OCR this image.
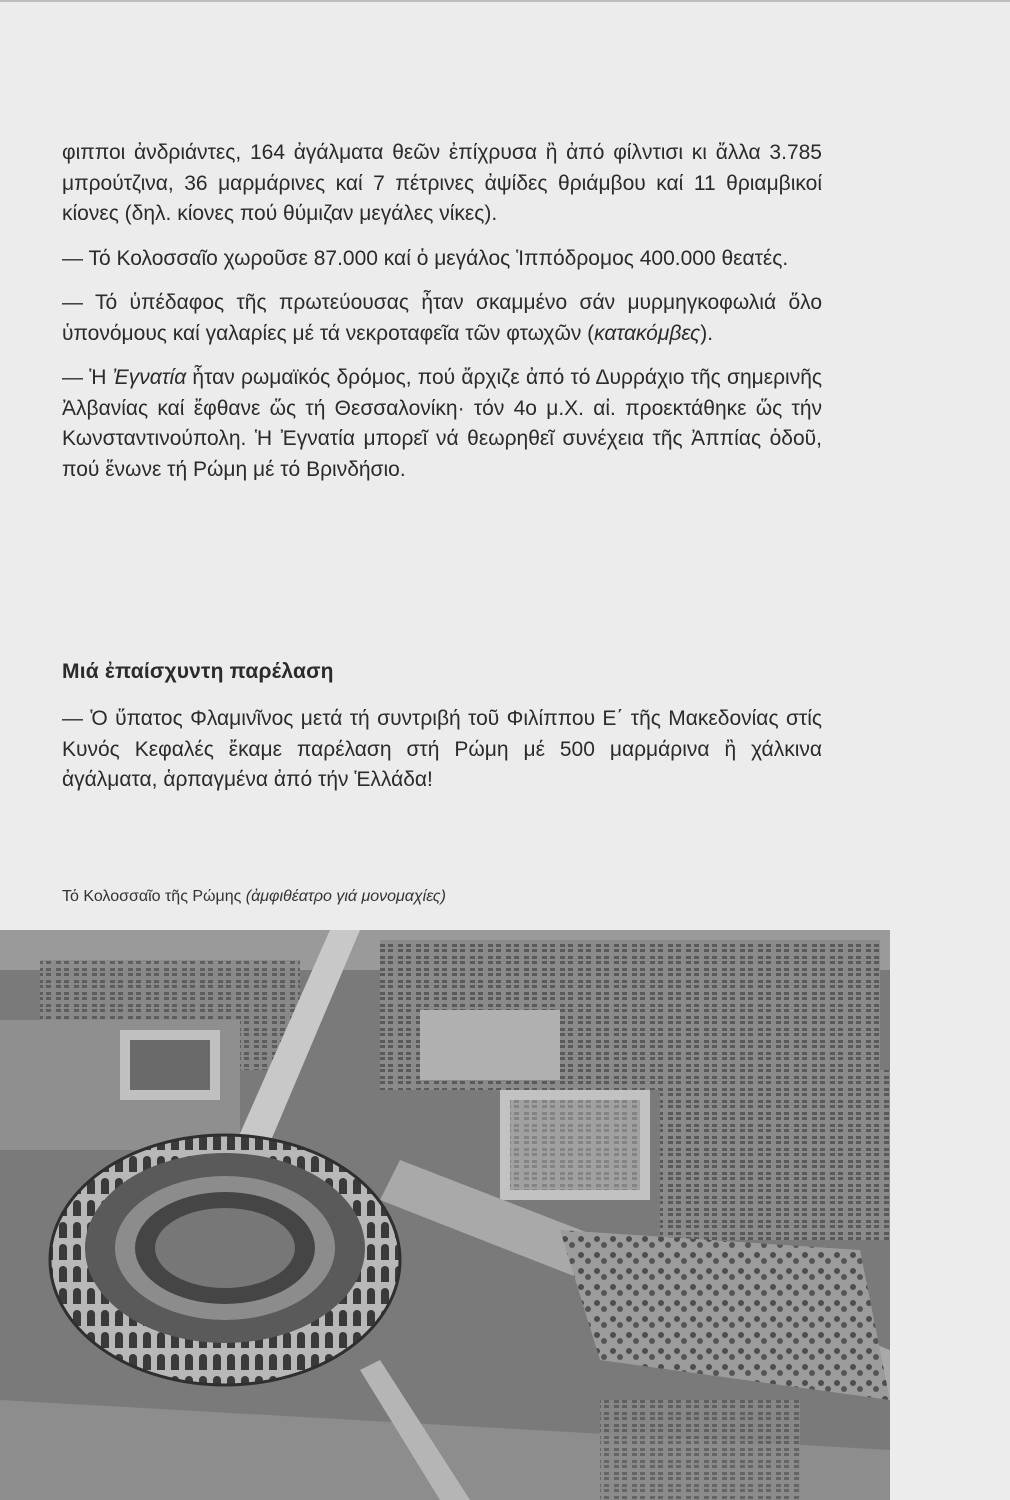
φιπποι ἀνδριάντες, 164 ἀγάλματα θεῶν ἐπίχρυσα ἢ ἀπό φίλντισι κι ἄλλα 3.785 μπρούτζινα, 36 μαρμάρινες καί 7 πέτρινες ἀψίδες θριάμβου καί 11 θριαμβικοί κίονες (δηλ. κίονες πού θύμιζαν μεγάλες νίκες).

— Τό Κολοσσαῖο χωροῦσε 87.000 καί ὁ μεγάλος Ἱππόδρομος 400.000 θεατές.

— Τό ὑπέδαφος τῆς πρωτεύουσας ἦταν σκαμμένο σάν μυρμηγκοφωλιά ὅλο ὑπονόμους καί γαλαρίες μέ τά νεκροταφεῖα τῶν φτωχῶν (κατακόμβες).

— Ἡ Ἐγνατία ἦταν ρωμαϊκός δρόμος, πού ἄρχιζε ἀπό τό Δυρράχιο τῆς σημερινῆς Ἀλβανίας καί ἔφθανε ὥς τή Θεσσαλονίκη· τόν 4ο μ.Χ. αἰ. προεκτάθηκε ὥς τήν Κωνσταντινούπολη. Ἡ Ἐγνατία μπορεῖ νά θεωρηθεῖ συνέχεια τῆς Ἀππίας ὁδοῦ, πού ἕνωνε τή Ρώμη μέ τό Βρινδήσιο.

Μιά ἐπαίσχυντη παρέλαση

— Ὁ ὕπατος Φλαμινῖνος μετά τή συντριβή τοῦ Φιλίππου Ε΄ τῆς Μακεδονίας στίς Κυνός Κεφαλές ἔκαμε παρέλαση στή Ρώμη μέ 500 μαρμάρινα ἢ χάλκινα ἀγάλματα, ἁρπαγμένα ἀπό τήν Ἑλλάδα!

Τό Κολοσσαῖο τῆς Ρώμης (ἀμφιθέατρο γιά μονομαχίες)
